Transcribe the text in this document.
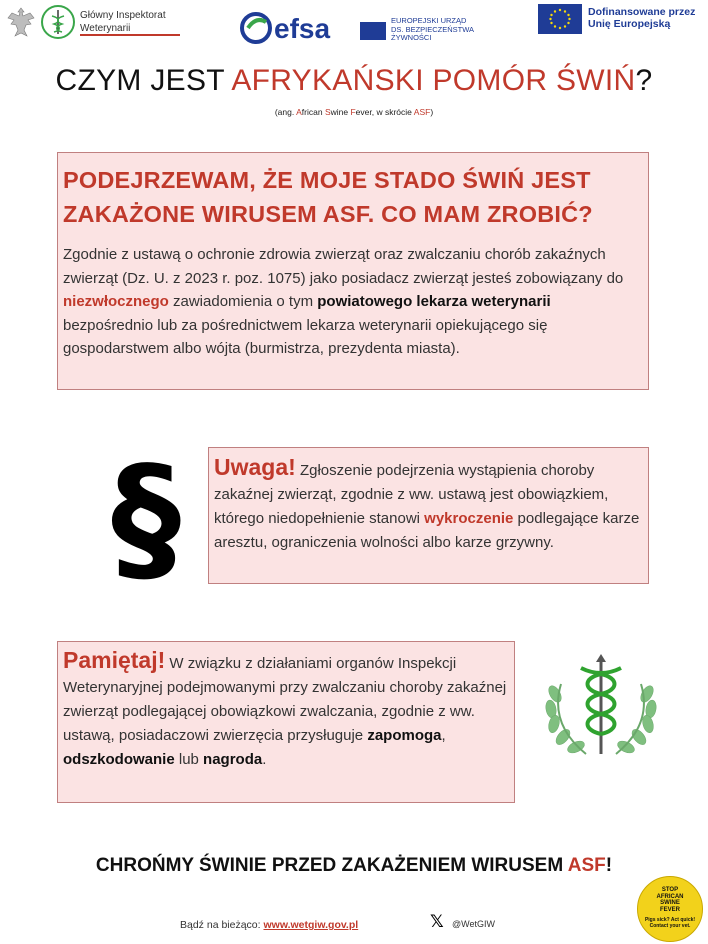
Główny Inspektorat
Weterynarii	efsa	EUROPEJSKI URZĄD
DS. BEZPIECZEŃSTWA
ŻYWNOŚCI
Dofinansowane przez
Unię Europejską
CZYM JEST AFRYKAŃSKI POMÓR ŚWIŃ?
(ang. African Swine Fever, w skrócie ASF)
PODEJRZEWAM, ŻE MOJE STADO ŚWIŃ JEST
ZAKAŻONE WIRUSEM ASF. CO MAM ZROBIĆ?
Zgodnie z ustawą o ochronie zdrowia zwierząt oraz zwalczaniu chorób zakaźnych zwierząt (Dz. U. z 2023 r. poz. 1075) jako posiadacz zwierząt jesteś zobowiązany do niezwłocznego zawiadomienia o tym powiatowego lekarza weterynarii bezpośrednio lub za pośrednictwem lekarza weterynarii opiekującego się gospodarstwem albo wójta (burmistrza, prezydenta miasta).
§	Uwaga! Zgłoszenie podejrzenia wystąpienia choroby zakaźnej zwierząt, zgodnie z ww. ustawą jest obowiązkiem, którego niedopełnienie stanowi wykroczenie podlegające karze aresztu, ograniczenia wolności albo karze grzywny.
Pamiętaj! W związku z działaniami organów Inspekcji Weterynaryjnej podejmowanymi przy zwalczaniu choroby zakaźnej zwierząt podlegającej obowiązkowi zwalczania, zgodnie z ww. ustawą, posiadaczowi zwierzęcia przysługuje zapomoga, odszkodowanie lub nagroda.
CHROŃMY ŚWINIE PRZED ZAKAŻENIEM WIRUSEM ASF!
Bądź na bieżąco: www.wetgiw.gov.pl	𝕏 @WetGIW
STOP
AFRICAN
SWINE
FEVER
Pigs sick? Act quick!
Contact your vet.
